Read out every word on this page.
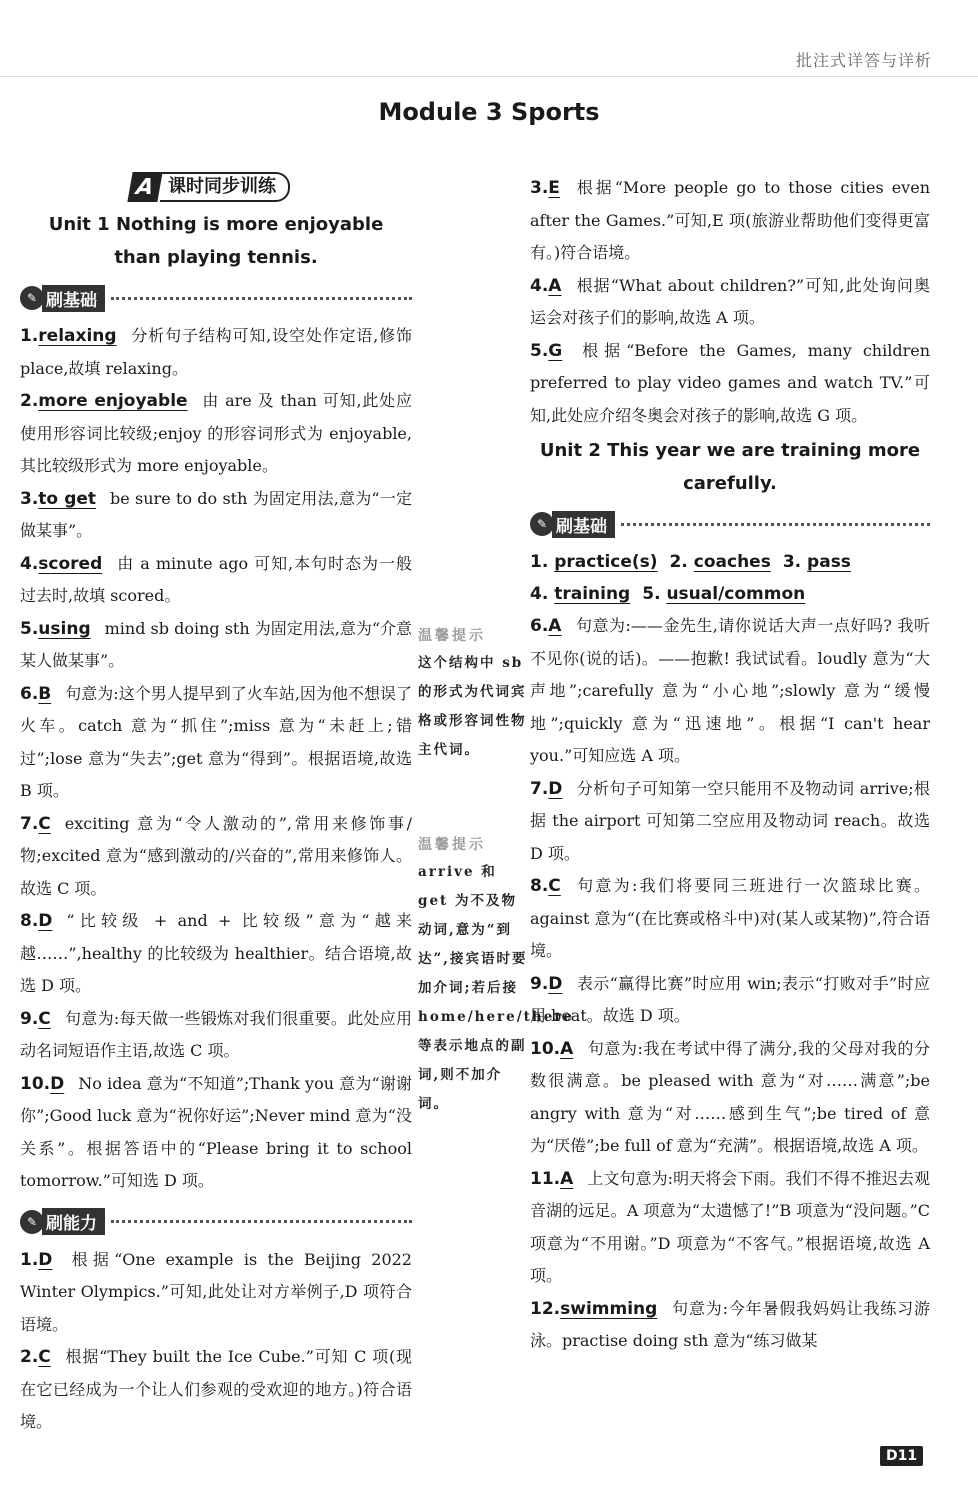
批注式详答与详析
Module 3 Sports
A 课时同步训练
Unit 1 Nothing is more enjoyable
than playing tennis.
✎ 刷基础

1.relaxing 分析句子结构可知,设空处作定语,修饰 place,故填 relaxing。

2.more enjoyable 由 are 及 than 可知,此处应使用形容词比较级;enjoy 的形容词形式为 enjoyable,其比较级形式为 more enjoyable。

3.to get be sure to do sth 为固定用法,意为“一定做某事”。

4.scored 由 a minute ago 可知,本句时态为一般过去时,故填 scored。

5.using mind sb doing sth 为固定用法,意为“介意某人做某事”。

6.B 句意为:这个男人提早到了火车站,因为他不想误了火车。catch 意为“抓住”;miss 意为“未赶上;错过”;lose 意为“失去”;get 意为“得到”。根据语境,故选 B 项。

7.C exciting 意为“令人激动的”,常用来修饰事/物;excited 意为“感到激动的/兴奋的”,常用来修饰人。故选 C 项。

8.D “比较级 + and + 比较级”意为“越来越……”,healthy 的比较级为 healthier。结合语境,故选 D 项。

9.C 句意为:每天做一些锻炼对我们很重要。此处应用动名词短语作主语,故选 C 项。

10.D No idea 意为“不知道”;Thank you 意为“谢谢你”;Good luck 意为“祝你好运”;Never mind 意为“没关系”。根据答语中的“Please bring it to school tomorrow.”可知选 D 项。

✎ 刷能力

1.D 根据“One example is the Beijing 2022 Winter Olympics.”可知,此处让对方举例子,D 项符合语境。

2.C 根据“They built the Ice Cube.”可知 C 项(现在它已经成为一个让人们参观的受欢迎的地方。)符合语境。

温馨提示
这个结构中 sb 的形式为代词宾格或形容词性物主代词。
温馨提示
arrive 和 get 为不及物动词,意为“到达”,接宾语时要加介词;若后接 home/here/there 等表示地点的副词,则不加介词。

3.E 根据“More people go to those cities even after the Games.”可知,E 项(旅游业帮助他们变得更富有。)符合语境。

4.A 根据“What about children?”可知,此处询问奥运会对孩子们的影响,故选 A 项。

5.G 根据“Before the Games, many children preferred to play video games and watch TV.”可知,此处应介绍冬奥会对孩子的影响,故选 G 项。

Unit 2 This year we are training more
carefully.
✎ 刷基础
1. practice(s) 2. coaches 3. pass
4. training 5. usual/common

6.A 句意为:——金先生,请你说话大声一点好吗? 我听不见你(说的话)。——抱歉! 我试试看。loudly 意为“大声地”;carefully 意为“小心地”;slowly 意为“缓慢地”;quickly 意为“迅速地”。根据“I can't hear you.”可知应选 A 项。

7.D 分析句子可知第一空只能用不及物动词 arrive;根据 the airport 可知第二空应用及物动词 reach。故选 D 项。

8.C 句意为:我们将要同三班进行一次篮球比赛。against 意为“(在比赛或格斗中)对(某人或某物)”,符合语境。

9.D 表示“赢得比赛”时应用 win;表示“打败对手”时应用 beat。故选 D 项。

10.A 句意为:我在考试中得了满分,我的父母对我的分数很满意。be pleased with 意为“对……满意”;be angry with 意为“对……感到生气”;be tired of 意为“厌倦”;be full of 意为“充满”。根据语境,故选 A 项。

11.A 上文句意为:明天将会下雨。我们不得不推迟去观音湖的远足。A 项意为“太遗憾了!”B 项意为“没问题。”C 项意为“不用谢。”D 项意为“不客气。”根据语境,故选 A 项。

12.swimming 句意为:今年暑假我妈妈让我练习游泳。practise doing sth 意为“练习做某

D11
